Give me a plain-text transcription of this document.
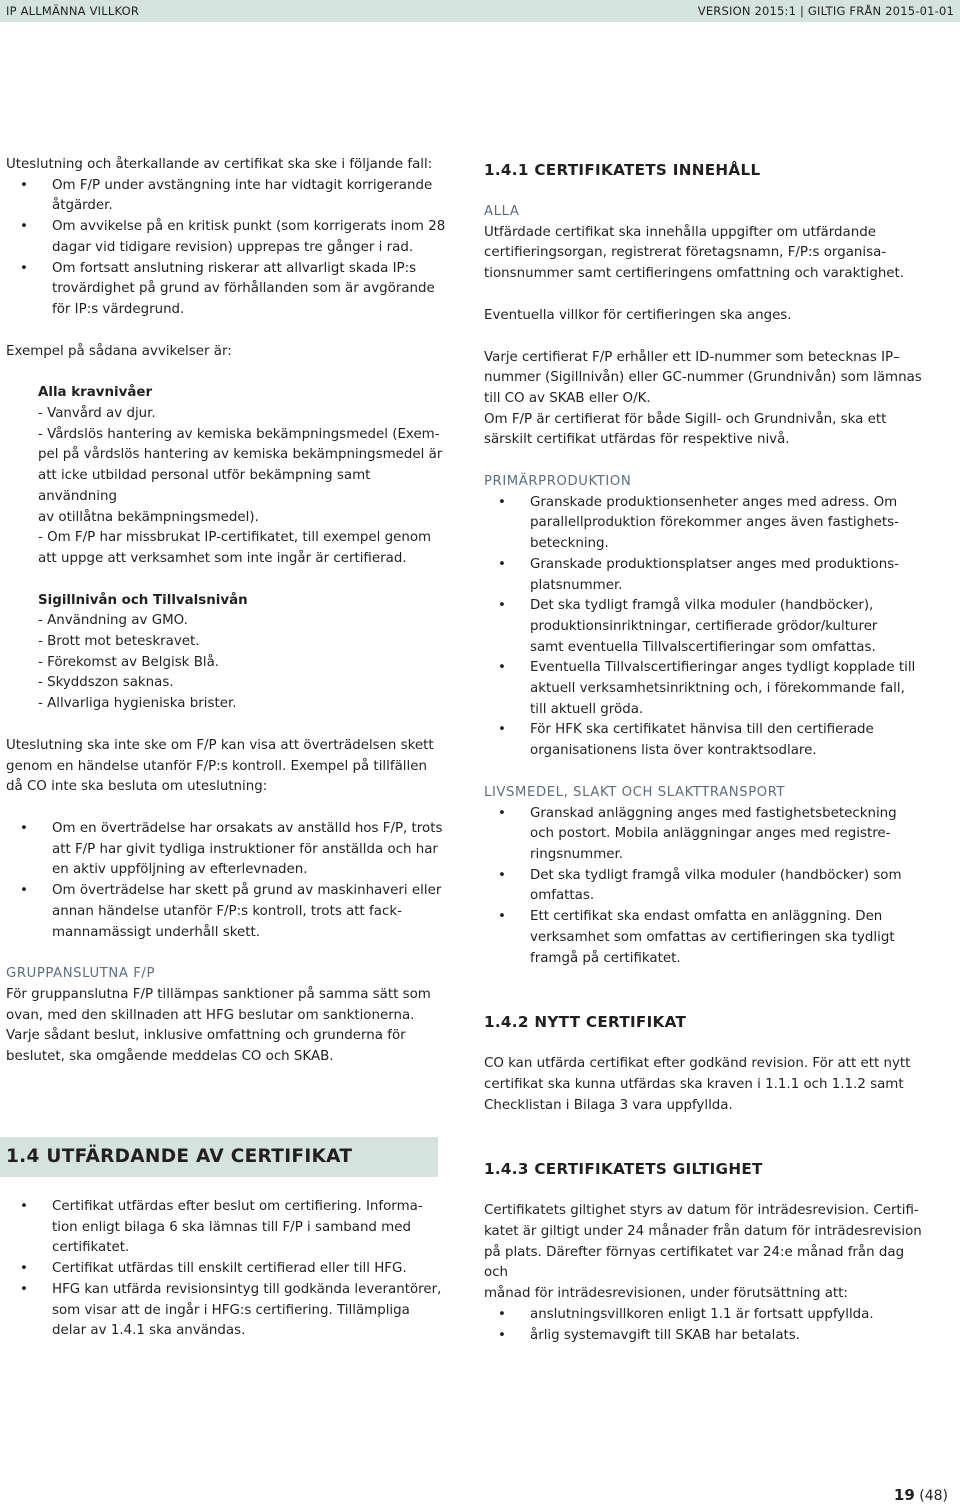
IP ALLMÄNNA VILLKOR	VERSION 2015:1 | GILTIG FRÅN 2015-01-01
Uteslutning och återkallande av certifikat ska ske i följande fall:
• Om F/P under avstängning inte har vidtagit korrigerande
åtgärder.
• Om avvikelse på en kritisk punkt (som korrigerats inom 28
dagar vid tidigare revision) upprepas tre gånger i rad.
• Om fortsatt anslutning riskerar att allvarligt skada IP:s
trovärdighet på grund av förhållanden som är avgörande
för IP:s värdegrund.
Exempel på sådana avvikelser är:
Alla kravnivåer
- Vanvård av djur.
- Vårdslös hantering av kemiska bekämpningsmedel (Exem-
pel på vårdslös hantering av kemiska bekämpningsmedel är
att icke utbildad personal utför bekämpning samt användning
av otillåtna bekämpningsmedel).
- Om F/P har missbrukat IP-certifikatet, till exempel genom
att uppge att verksamhet som inte ingår är certifierad.
Sigillnivån och Tillvalsnivån
- Användning av GMO.
- Brott mot beteskravet.
- Förekomst av Belgisk Blå.
- Skyddszon saknas.
- Allvarliga hygieniska brister.
Uteslutning ska inte ske om F/P kan visa att överträdelsen skett
genom en händelse utanför F/P:s kontroll. Exempel på tillfällen
då CO inte ska besluta om uteslutning:
• Om en överträdelse har orsakats av anställd hos F/P, trots
att F/P har givit tydliga instruktioner för anställda och har
en aktiv uppföljning av efterlevnaden.
• Om överträdelse har skett på grund av maskinhaveri eller
annan händelse utanför F/P:s kontroll, trots att fack-
mannamässigt underhåll skett.
GRUPPANSLUTNA F/P
För gruppanslutna F/P tillämpas sanktioner på samma sätt som
ovan, med den skillnaden att HFG beslutar om sanktionerna.
Varje sådant beslut, inklusive omfattning och grunderna för
beslutet, ska omgående meddelas CO och SKAB.
1.4 UTFÄRDANDE AV CERTIFIKAT
• Certifikat utfärdas efter beslut om certifiering. Informa-
tion enligt bilaga 6 ska lämnas till F/P i samband med
certifikatet.
• Certifikat utfärdas till enskilt certifierad eller till HFG.
• HFG kan utfärda revisionsintyg till godkända leverantörer,
som visar att de ingår i HFG:s certifiering. Tillämpliga
delar av 1.4.1 ska användas.
1.4.1 CERTIFIKATETS INNEHÅLL
ALLA
Utfärdade certifikat ska innehålla uppgifter om utfärdande
certifieringsorgan, registrerat företagsnamn, F/P:s organisa-
tionsnummer samt certifieringens omfattning och varaktighet.
Eventuella villkor för certifieringen ska anges.
Varje certifierat F/P erhåller ett ID-nummer som betecknas IP–
nummer (Sigillnivån) eller GC-nummer (Grundnivån) som lämnas
till CO av SKAB eller O/K.
Om F/P är certifierat för både Sigill- och Grundnivån, ska ett
särskilt certifikat utfärdas för respektive nivå.
PRIMÄRPRODUKTION
• Granskade produktionsenheter anges med adress. Om
parallellproduktion förekommer anges även fastighets-
beteckning.
• Granskade produktionsplatser anges med produktions-
platsnummer.
• Det ska tydligt framgå vilka moduler (handböcker),
produktionsinriktningar, certifierade grödor/kulturer
samt eventuella Tillvalscertifieringar som omfattas.
• Eventuella Tillvalscertifieringar anges tydligt kopplade till
aktuell verksamhetsinriktning och, i förekommande fall,
till aktuell gröda.
• För HFK ska certifikatet hänvisa till den certifierade
organisationens lista över kontraktsodlare.
LIVSMEDEL, SLAKT OCH SLAKTTRANSPORT
• Granskad anläggning anges med fastighetsbeteckning
och postort. Mobila anläggningar anges med registre-
ringsnummer.
• Det ska tydligt framgå vilka moduler (handböcker) som
omfattas.
• Ett certifikat ska endast omfatta en anläggning. Den
verksamhet som omfattas av certifieringen ska tydligt
framgå på certifikatet.
1.4.2 NYTT CERTIFIKAT
CO kan utfärda certifikat efter godkänd revision. För att ett nytt
certifikat ska kunna utfärdas ska kraven i 1.1.1 och 1.1.2 samt
Checklistan i Bilaga 3 vara uppfyllda.
1.4.3 CERTIFIKATETS GILTIGHET
Certifikatets giltighet styrs av datum för inträdesrevision. Certifi-
katet är giltigt under 24 månader från datum för inträdesrevision
på plats. Därefter förnyas certifikatet var 24:e månad från dag och
månad för inträdesrevisionen, under förutsättning att:
• anslutningsvillkoren enligt 1.1 är fortsatt uppfyllda.
• årlig systemavgift till SKAB har betalats.
19 (48)
